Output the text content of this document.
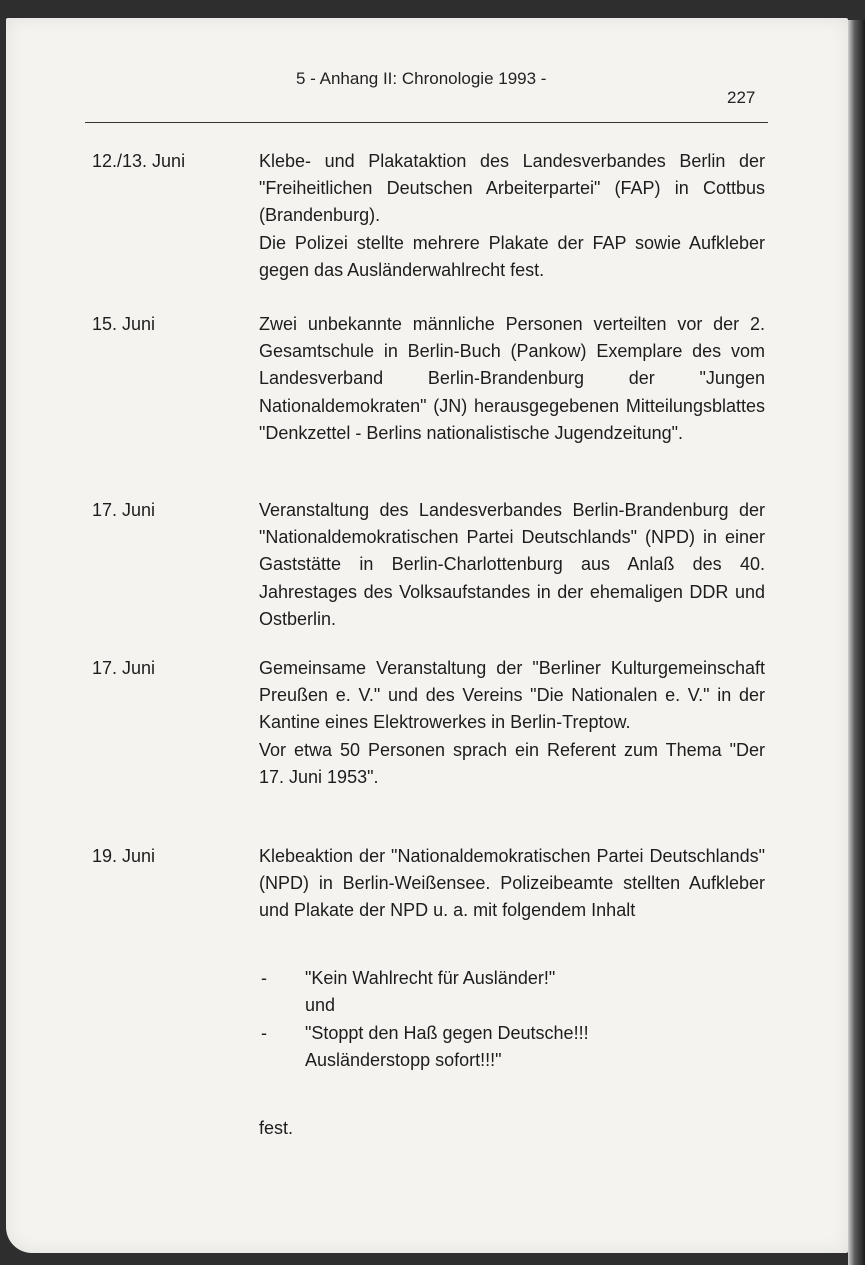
5 - Anhang II: Chronologie 1993 -
227
12./13. Juni	Klebe- und Plakataktion des Landesverbandes Berlin der "Freiheitlichen Deutschen Arbeiterpartei" (FAP) in Cottbus (Brandenburg).

Die Polizei stellte mehrere Plakate der FAP sowie Aufkleber gegen das Ausländerwahlrecht fest.

15. Juni	Zwei unbekannte männliche Personen verteilten vor der 2. Gesamtschule in Berlin-Buch (Pankow) Exemplare des vom Landesverband Berlin-Brandenburg der "Jungen Nationaldemokraten" (JN) herausgegebenen Mitteilungsblattes "Denkzettel - Berlins nationalistische Jugendzeitung".

17. Juni	Veranstaltung des Landesverbandes Berlin-Brandenburg der "Nationaldemokratischen Partei Deutschlands" (NPD) in einer Gaststätte in Berlin-Charlottenburg aus Anlaß des 40. Jahrestages des Volksaufstandes in der ehemaligen DDR und Ostberlin.

17. Juni	Gemeinsame Veranstaltung der "Berliner Kulturgemeinschaft Preußen e. V." und des Vereins "Die Nationalen e. V." in der Kantine eines Elektrowerkes in Berlin-Treptow.

Vor etwa 50 Personen sprach ein Referent zum Thema "Der 17. Juni 1953".

19. Juni	Klebeaktion der "Nationaldemokratischen Partei Deutschlands" (NPD) in Berlin-Weißensee. Polizeibeamte stellten Aufkleber und Plakate der NPD u. a. mit folgendem Inhalt

- "Kein Wahlrecht für Ausländer!"
und
- "Stoppt den Haß gegen Deutsche!!!
Ausländerstopp sofort!!!"
fest.
